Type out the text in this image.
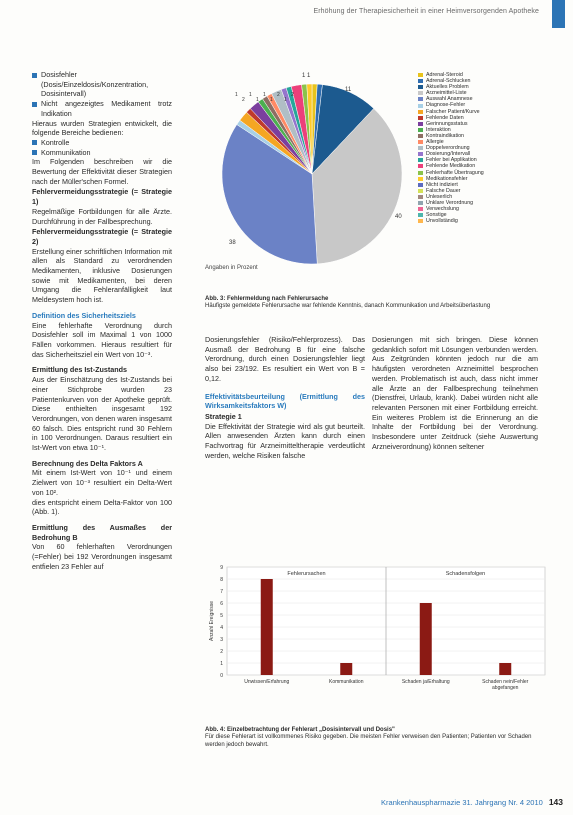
Erhöhung der Therapiesicherheit in einer Heimversorgenden Apotheke
Dosisfehler (Dosis/Einzeldosis/Konzentration, Dosisintervall)
Nicht angezeigtes Medikament trotz Indikation

Hieraus wurden Strategien entwickelt, die folgende Bereiche bedienen:

Kontrolle
Kommunikation

Im Folgenden beschreiben wir die Bewertung der Effektivität dieser Strategien nach der Müller'schen Formel.

Fehlervermeidungsstrategie (= Strategie 1)

Regelmäßige Fortbildungen für alle Ärzte. Durchführung in der Fallbesprechung.

Fehlervermeidungsstrategie (= Strategie 2)

Erstellung einer schriftlichen Information mit allen als Standard zu verordnenden Medikamenten, inklusive Dosierungen sowie mit Medikamenten, bei deren Umgang die Fehleranfälligkeit laut Meldesystem hoch ist.

Definition des Sicherheitsziels

Eine fehlerhafte Verordnung durch Dosisfehler soll im Maximal 1 von 1000 Fällen vorkommen. Hieraus resultiert für das Sicherheitsziel ein Wert von 10⁻³.

Ermittlung des Ist-Zustands

Aus der Einschätzung des Ist-Zustands bei einer Stichprobe wurden 23 Patientenkurven von der Apotheke geprüft. Diese enthielten insgesamt 192 Verordnungen, von denen waren insgesamt 60 falsch. Dies entspricht rund 30 Fehlern in 100 Verordnungen. Daraus resultiert ein Ist-Wert von etwa 10⁻¹.

Berechnung des Delta Faktors A

Mit einem Ist-Wert von 10⁻¹ und einem Zielwert von 10⁻³ resultiert ein Delta-Wert von 10².

dies entspricht einem Delta-Faktor von 100 (Abb. 1).

Ermittlung des Ausmaßes der Bedrohung B

Von 60 fehlerhaften Verordnungen (=Fehler) bei 192 Verordnungen insgesamt entfielen 23 Fehler auf

1 1
11
40
38
1
2
1
1
1
1
2
1
2
Adrenal-Steroid
Adrenal-Schlucken
Aktuelles Problem
Arzneimittel-Liste
Auswahl Anamnese
Diagnose-Fehler
Falscher Patient/Kurve
Fehlende Daten
Gerinnungsstatus
Interaktion
Kontraindikation
Allergie
Doppelverordnung
Dosierung/Intervall
Fehler bei Applikation
Fehlende Medikation
Fehlerhafte Übertragung
Medikationsfehler
Nicht indiziert
Falsche Dauer
Unleserlich
Unklare Verordnung
Verwechslung
Sonstige
Unvollständig
Angaben in Prozent
Abb. 3: Fehlermeldung nach Fehlerursache
Häufigste gemeldete Fehlerursache war fehlende Kenntnis, danach Kommunikation und Arbeitsüberlastung

Dosierungsfehler (Risiko/Fehlerprozess). Das Ausmaß der Bedrohung B für eine falsche Verordnung, durch einen Dosierungsfehler liegt also bei 23/192. Es resultiert ein Wert von B = 0,12.

Effektivitätsbeurteilung (Ermittlung des Wirksamkeitsfaktors W)

Strategie 1

Die Effektivität der Strategie wird als gut beurteilt. Allen anwesenden Ärzten kann durch einen Fachvortrag für Arzneimitteltherapie verdeutlicht werden, welche Risiken falsche

Dosierungen mit sich bringen. Diese können gedanklich sofort mit Lösungen verbunden werden. Aus Zeitgründen könnten jedoch nur die am häufigsten verordneten Arzneimittel besprochen werden. Problematisch ist auch, dass nicht immer alle Ärzte an der Fallbesprechung teilnehmen (Dienstfrei, Urlaub, krank). Dabei würden nicht alle relevanten Personen mit einer Fortbildung erreicht. Ein weiteres Problem ist die Erinnerung an die Inhalte der Fortbildung bei der Verordnung. Insbesondere unter Zeitdruck (siehe Auswertung Arzneiverordnung) können seltener

0
1
2
3
4
5
6
7
8
9
Anzahl Ereignisse
Fehlerursachen
Unwissen/Erfahrung	Kommunikation
Schadensfolgen
Schaden ja/Erhaltung	Schaden nein/Fehler
abgefangen
Abb. 4: Einzelbetrachtung der Fehlerart „Dosisintervall und Dosis"
Für diese Fehlerart ist vollkommenes Risiko gegeben. Die meisten Fehler verweisen den Patienten; Patienten vor Schaden werden jedoch bewahrt.
Krankenhauspharmazie 31. Jahrgang Nr. 4 2010 143
